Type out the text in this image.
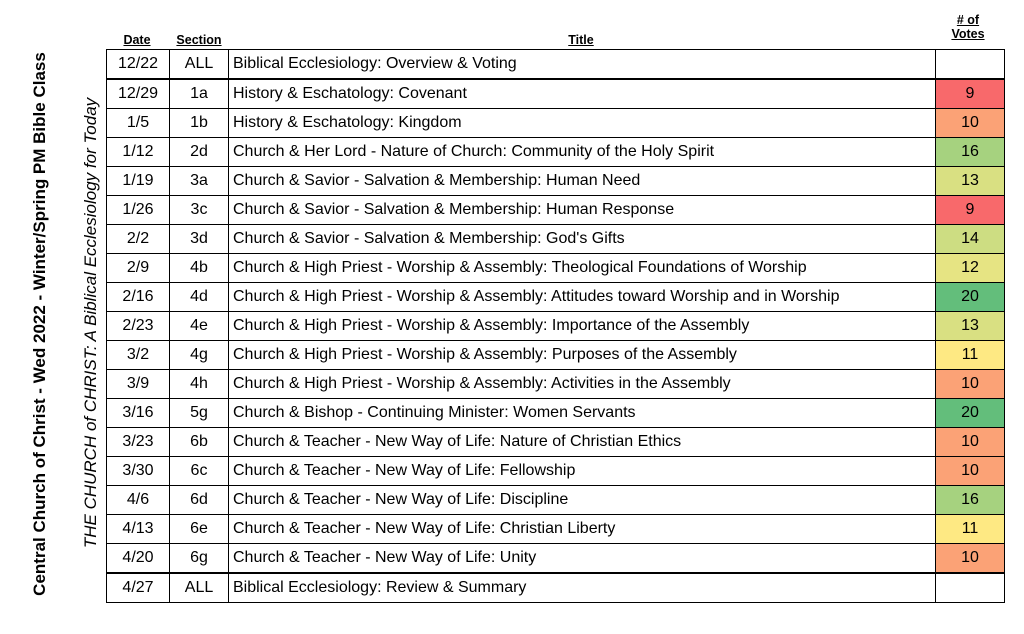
Central Church of Christ - Wed 2022 - Winter/Spring PM Bible Class THE CHURCH of CHRIST: A Biblical Ecclesiology for Today
Date	Section	Title
# of
Votes
12/22	ALL	Biblical Ecclesiology: Overview & Voting	
12/29	1a	History & Eschatology: Covenant	9
1/5	1b	History & Eschatology: Kingdom	10
1/12	2d	Church & Her Lord - Nature of Church: Community of the Holy Spirit	16
1/19	3a	Church & Savior - Salvation & Membership: Human Need	13
1/26	3c	Church & Savior - Salvation & Membership: Human Response	9
2/2	3d	Church & Savior - Salvation & Membership: God's Gifts	14
2/9	4b	Church & High Priest - Worship & Assembly: Theological Foundations of Worship	12
2/16	4d	Church & High Priest - Worship & Assembly: Attitudes toward Worship and in Worship	20
2/23	4e	Church & High Priest - Worship & Assembly: Importance of the Assembly	13
3/2	4g	Church & High Priest - Worship & Assembly: Purposes of the Assembly	11
3/9	4h	Church & High Priest - Worship & Assembly: Activities in the Assembly	10
3/16	5g	Church & Bishop - Continuing Minister: Women Servants	20
3/23	6b	Church & Teacher - New Way of Life: Nature of Christian Ethics	10
3/30	6c	Church & Teacher - New Way of Life: Fellowship	10
4/6	6d	Church & Teacher - New Way of Life: Discipline	16
4/13	6e	Church & Teacher - New Way of Life: Christian Liberty	11
4/20	6g	Church & Teacher - New Way of Life: Unity	10
4/27	ALL	Biblical Ecclesiology: Review & Summary	
